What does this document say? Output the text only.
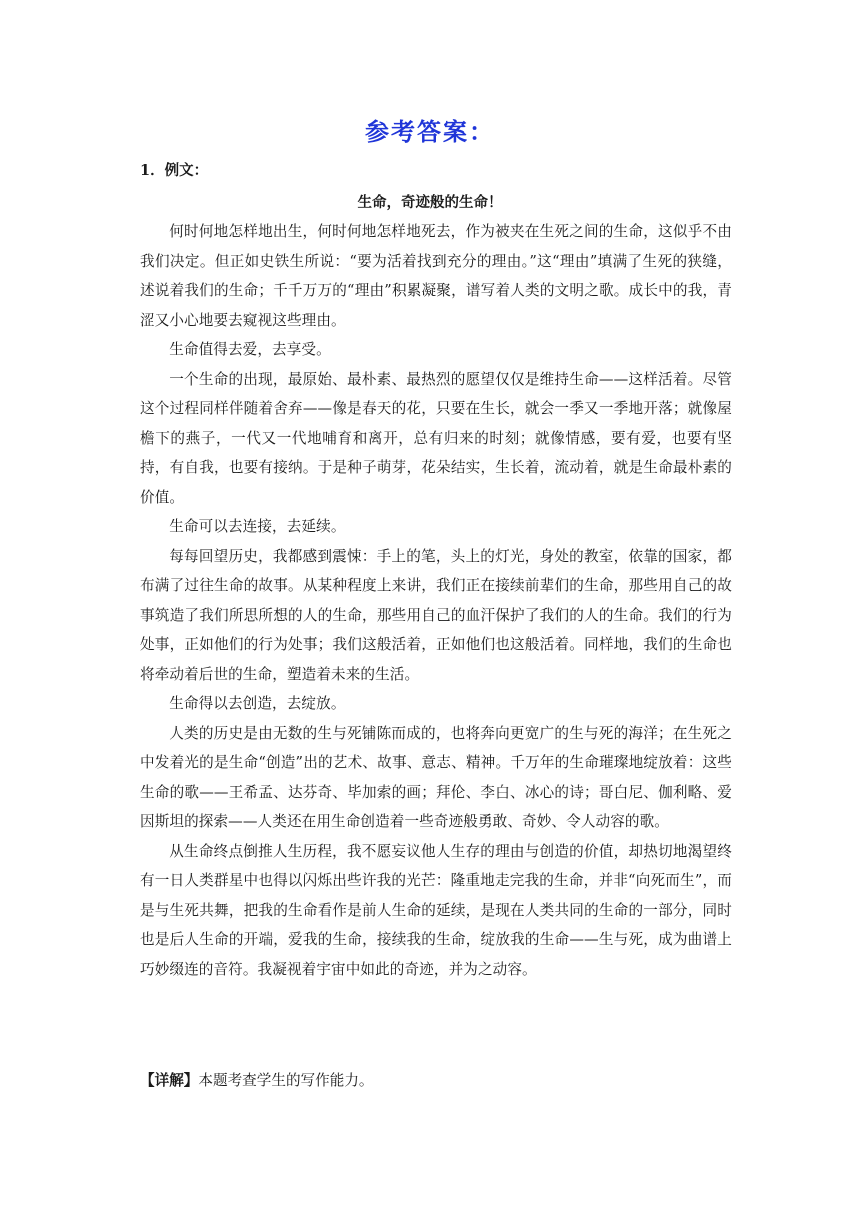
参考答案：
1．例文：
生命，奇迹般的生命！

何时何地怎样地出生，何时何地怎样地死去，作为被夹在生死之间的生命，这似乎不由我们决定。但正如史铁生所说：“要为活着找到充分的理由。”这“理由”填满了生死的狭缝，述说着我们的生命；千千万万的“理由”积累凝聚，谱写着人类的文明之歌。成长中的我，青涩又小心地要去窥视这些理由。

生命值得去爱，去享受。

一个生命的出现，最原始、最朴素、最热烈的愿望仅仅是维持生命——这样活着。尽管这个过程同样伴随着舍弃——像是春天的花，只要在生长，就会一季又一季地开落；就像屋檐下的燕子，一代又一代地哺育和离开，总有归来的时刻；就像情感，要有爱，也要有坚持，有自我，也要有接纳。于是种子萌芽，花朵结实，生长着，流动着，就是生命最朴素的价值。

生命可以去连接，去延续。

每每回望历史，我都感到震悚：手上的笔，头上的灯光，身处的教室，依靠的国家，都布满了过往生命的故事。从某种程度上来讲，我们正在接续前辈们的生命，那些用自己的故事筑造了我们所思所想的人的生命，那些用自己的血汗保护了我们的人的生命。我们的行为处事，正如他们的行为处事；我们这般活着，正如他们也这般活着。同样地，我们的生命也将牵动着后世的生命，塑造着未来的生活。

生命得以去创造，去绽放。

人类的历史是由无数的生与死铺陈而成的，也将奔向更宽广的生与死的海洋；在生死之中发着光的是生命“创造”出的艺术、故事、意志、精神。千万年的生命璀璨地绽放着：这些生命的歌——王希孟、达芬奇、毕加索的画；拜伦、李白、冰心的诗；哥白尼、伽利略、爱因斯坦的探索——人类还在用生命创造着一些奇迹般勇敢、奇妙、令人动容的歌。

从生命终点倒推人生历程，我不愿妄议他人生存的理由与创造的价值，却热切地渴望终有一日人类群星中也得以闪烁出些许我的光芒：隆重地走完我的生命，并非“向死而生”，而是与生死共舞，把我的生命看作是前人生命的延续，是现在人类共同的生命的一部分，同时也是后人生命的开端，爱我的生命，接续我的生命，绽放我的生命——生与死，成为曲谱上巧妙缀连的音符。我凝视着宇宙中如此的奇迹，并为之动容。

【详解】本题考查学生的写作能力。
